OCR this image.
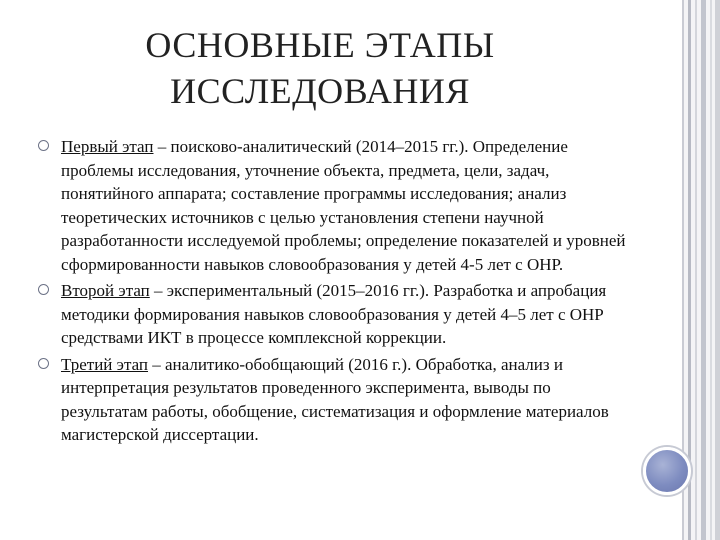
ОСНОВНЫЕ ЭТАПЫ
ИССЛЕДОВАНИЯ
Первый этап – поисково-аналитический (2014–2015 гг.). Определение проблемы исследования, уточнение объекта, предмета, цели, задач, понятийного аппарата; составление программы исследования; анализ теоретических источников с целью установления степени научной разработанности исследуемой проблемы; определение показателей и уровней сформированности навыков словообразования у детей 4-5 лет с ОНР.
Второй этап – экспериментальный (2015–2016 гг.). Разработка и апробация методики формирования навыков словообразования у детей 4–5 лет с ОНР средствами ИКТ в процессе комплексной коррекции.
Третий этап – аналитико-обобщающий (2016 г.). Обработка, анализ и интерпретация результатов проведенного эксперимента, выводы по результатам работы, обобщение, систематизация и оформление материалов магистерской диссертации.
